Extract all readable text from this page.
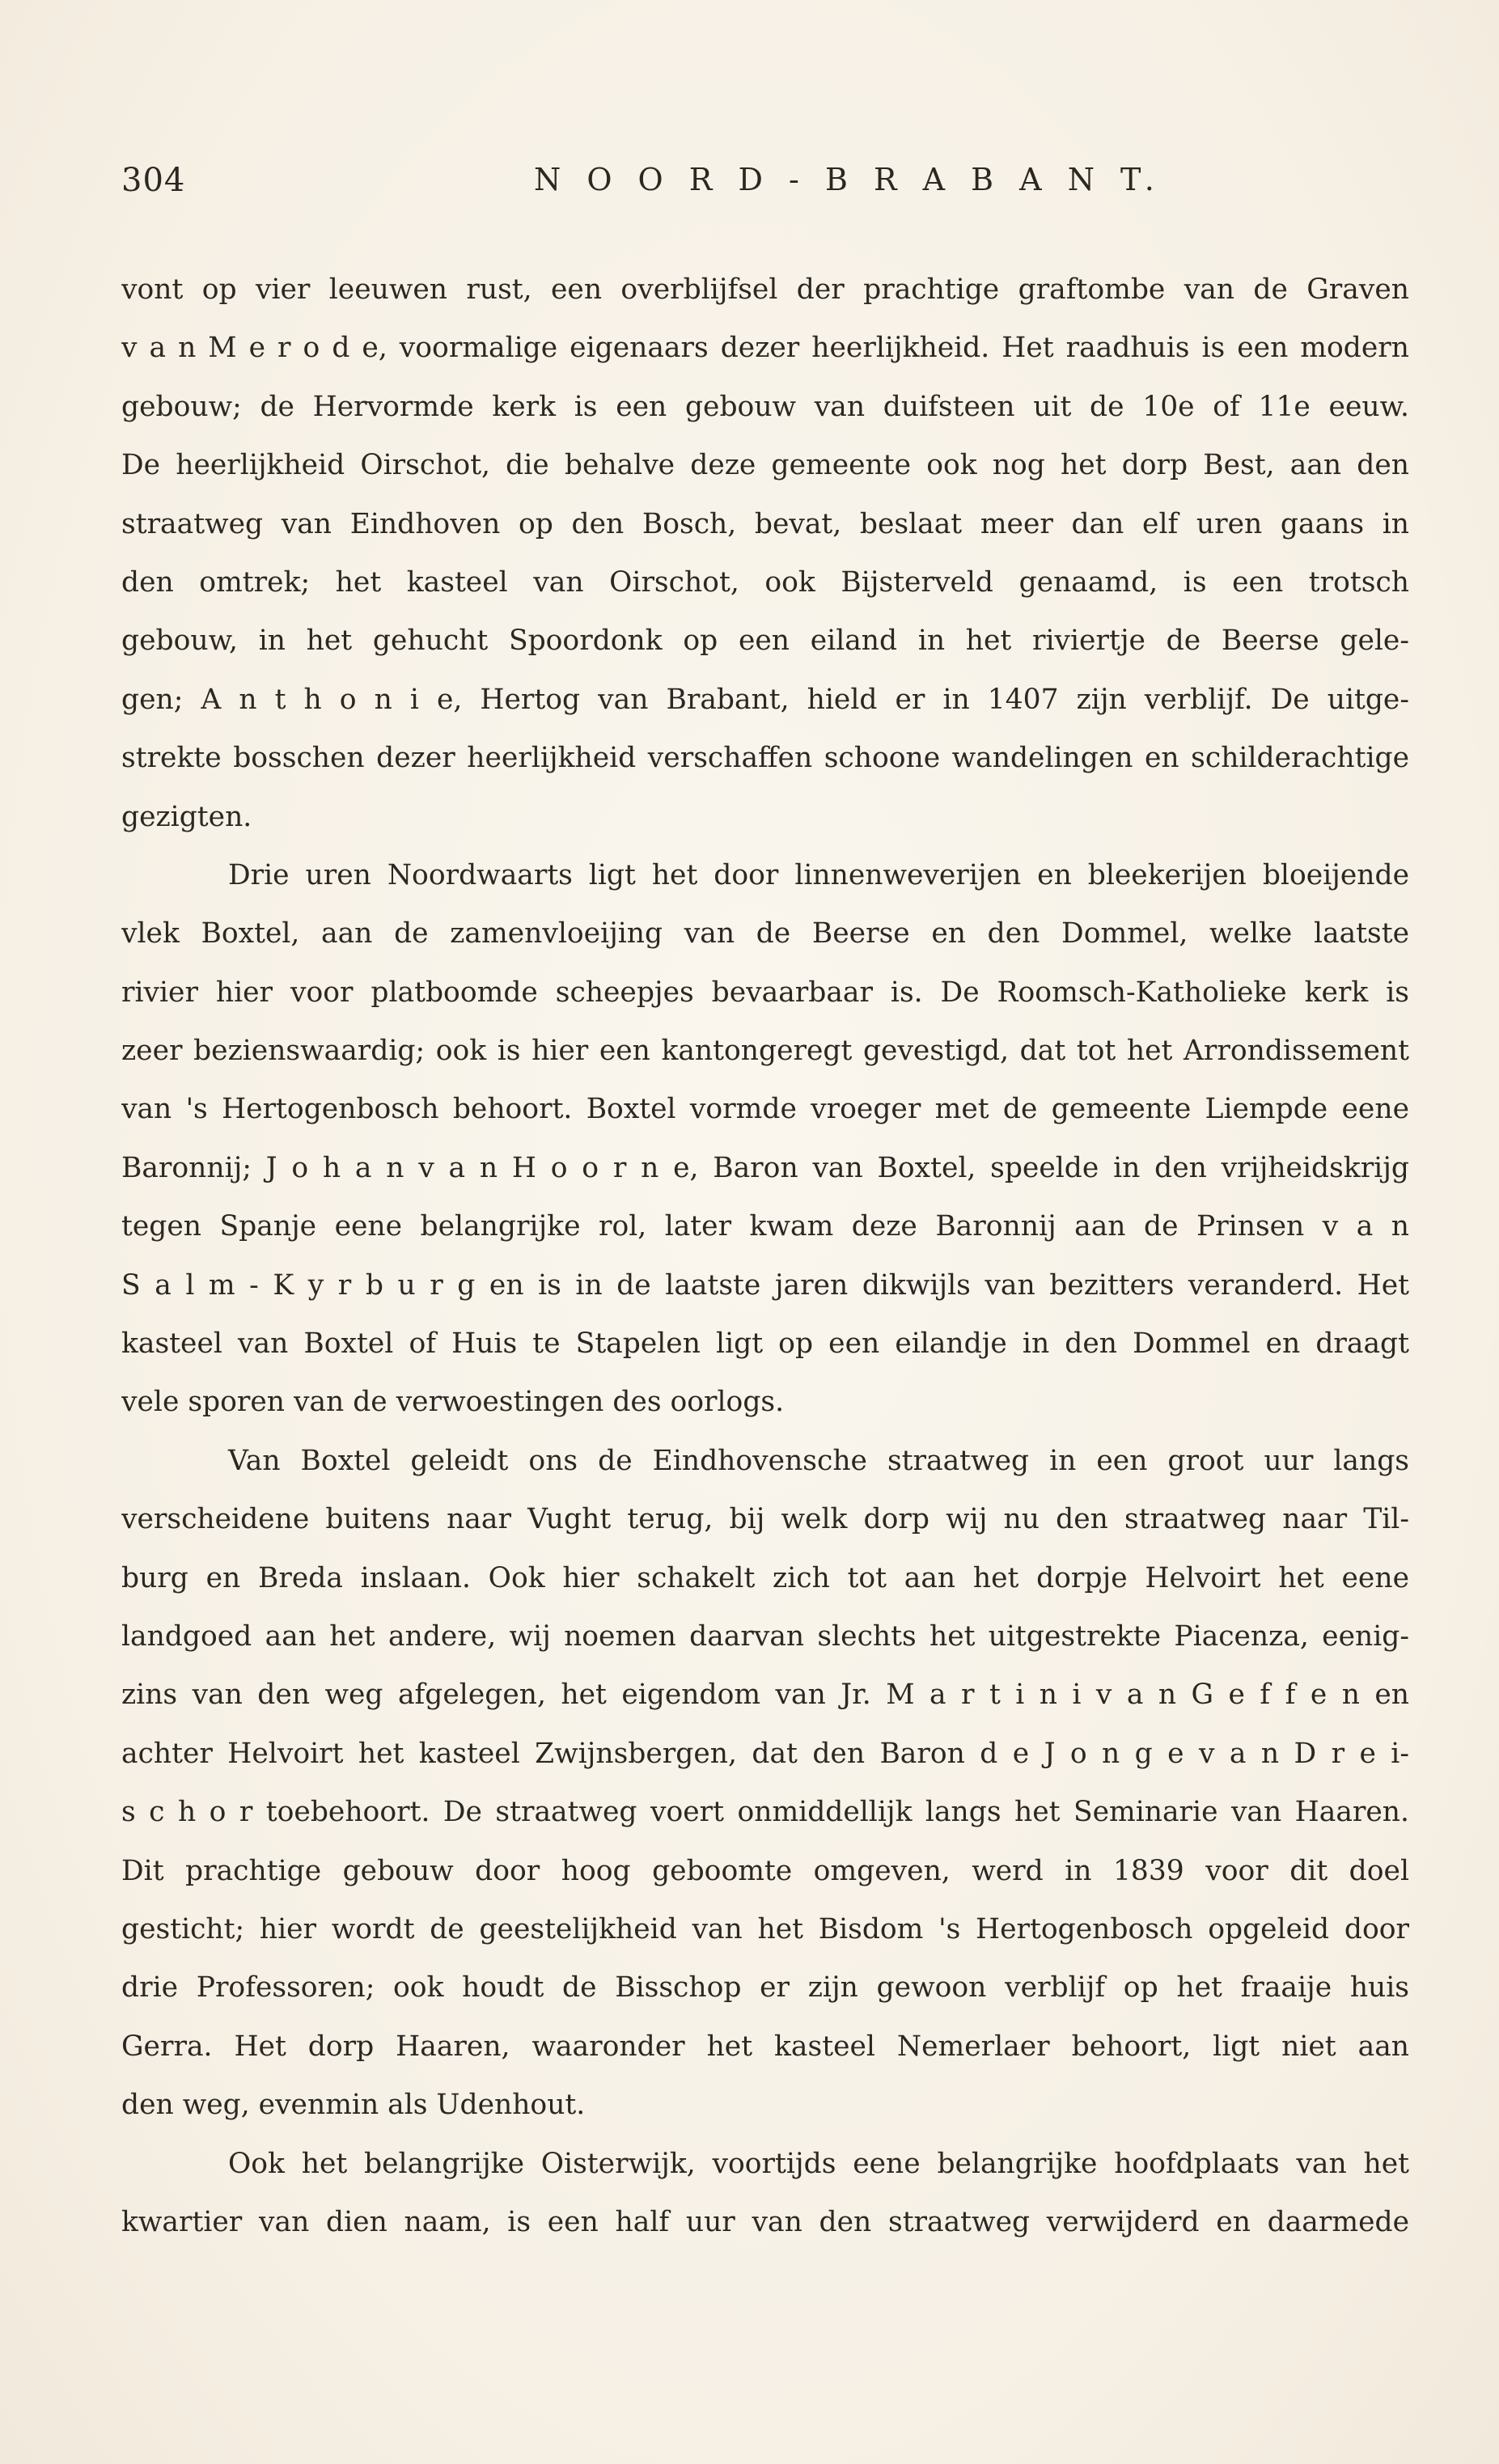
304	N O O R D - B R A B A N T.

vont op vier leeuwen rust, een overblijfsel der prachtige graftombe van de Graven
v a n M e r o d e, voormalige eigenaars dezer heerlijkheid. Het raadhuis is een modern
gebouw; de Hervormde kerk is een gebouw van duifsteen uit de 10e of 11e eeuw.
De heerlijkheid Oirschot, die behalve deze gemeente ook nog het dorp Best, aan den
straatweg van Eindhoven op den Bosch, bevat, beslaat meer dan elf uren gaans in
den omtrek; het kasteel van Oirschot, ook Bijsterveld genaamd, is een trotsch
gebouw, in het gehucht Spoordonk op een eiland in het riviertje de Beerse gele-
gen; A n t h o n i e, Hertog van Brabant, hield er in 1407 zijn verblijf. De uitge-
strekte bosschen dezer heerlijkheid verschaffen schoone wandelingen en schilderachtige
gezigten.

Drie uren Noordwaarts ligt het door linnenweverijen en bleekerijen bloeijende
vlek Boxtel, aan de zamenvloeijing van de Beerse en den Dommel, welke laatste
rivier hier voor platboomde scheepjes bevaarbaar is. De Roomsch-Katholieke kerk is
zeer bezienswaardig; ook is hier een kantongeregt gevestigd, dat tot het Arrondissement
van 's Hertogenbosch behoort. Boxtel vormde vroeger met de gemeente Liempde eene
Baronnij; J o h a n v a n H o o r n e, Baron van Boxtel, speelde in den vrijheidskrijg
tegen Spanje eene belangrijke rol, later kwam deze Baronnij aan de Prinsen v a n
S a l m - K y r b u r g en is in de laatste jaren dikwijls van bezitters veranderd. Het
kasteel van Boxtel of Huis te Stapelen ligt op een eilandje in den Dommel en draagt
vele sporen van de verwoestingen des oorlogs.

Van Boxtel geleidt ons de Eindhovensche straatweg in een groot uur langs
verscheidene buitens naar Vught terug, bij welk dorp wij nu den straatweg naar Til-
burg en Breda inslaan. Ook hier schakelt zich tot aan het dorpje Helvoirt het eene
landgoed aan het andere, wij noemen daarvan slechts het uitgestrekte Piacenza, eenig-
zins van den weg afgelegen, het eigendom van Jr. M a r t i n i v a n G e f f e n en
achter Helvoirt het kasteel Zwijnsbergen, dat den Baron d e J o n g e v a n D r e i-
s c h o r toebehoort. De straatweg voert onmiddellijk langs het Seminarie van Haaren.
Dit prachtige gebouw door hoog geboomte omgeven, werd in 1839 voor dit doel
gesticht; hier wordt de geestelijkheid van het Bisdom 's Hertogenbosch opgeleid door
drie Professoren; ook houdt de Bisschop er zijn gewoon verblijf op het fraaije huis
Gerra. Het dorp Haaren, waaronder het kasteel Nemerlaer behoort, ligt niet aan
den weg, evenmin als Udenhout.

Ook het belangrijke Oisterwijk, voortijds eene belangrijke hoofdplaats van het
kwartier van dien naam, is een half uur van den straatweg verwijderd en daarmede
